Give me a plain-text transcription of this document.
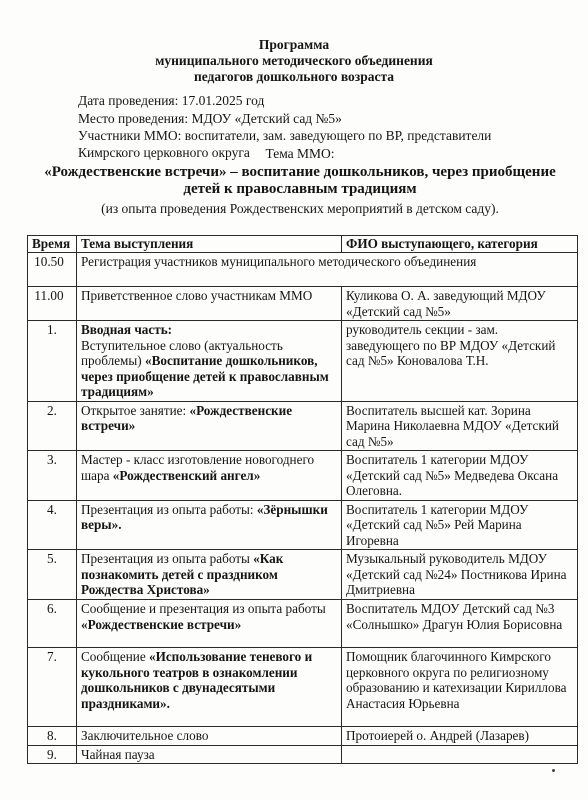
Программа
муниципального методического объединения
педагогов дошкольного возраста
Дата проведения: 17.01.2025 год
Место проведения: МДОУ «Детский сад №5»
Участники ММО: воспитатели, зам. заведующего по ВР, представители
Кимрского церковного округа	Тема ММО:
«Рождественские встречи» – воспитание дошкольников, через приобщение детей к православным традициям
(из опыта проведения Рождественских мероприятий в детском саду).
Время	Тема выступления	ФИО выступающего, категория
10.50	Регистрация участников муниципального методического объединения	
11.00	Приветственное слово участникам ММО	Куликова О. А. заведующий МДОУ «Детский сад №5»
1.	Вводная часть:
Вступительное слово (актуальность проблемы) «Воспитание дошкольников, через приобщение детей к православным традициям»	руководитель секции - зам. заведующего по ВР МДОУ «Детский сад №5» Коновалова Т.Н.
2.	Открытое занятие: «Рождественские встречи»	Воспитатель высшей кат. Зорина Марина Николаевна МДОУ «Детский сад №5»
3.	Мастер - класс изготовление новогоднего шара «Рождественский ангел»	Воспитатель 1 категории МДОУ «Детский сад №5» Медведева Оксана Олеговна.
4.	Презентация из опыта работы: «Зёрнышки веры».	Воспитатель 1 категории МДОУ «Детский сад №5» Рей Марина Игоревна
5.	Презентация из опыта работы «Как познакомить детей с праздником Рождества Христова»	Музыкальный руководитель МДОУ «Детский сад №24» Постникова Ирина Дмитриевна
6.	Сообщение и презентация из опыта работы «Рождественские встречи»	Воспитатель МДОУ Детский сад №3 «Солнышко» Драгун Юлия Борисовна
7.	Сообщение «Использование теневого и кукольного театров в ознакомлении дошкольников с двунадесятыми праздниками».	Помощник благочинного Кимрского церковного округа по религиозному образованию и катехизации Кириллова Анастасия Юрьевна
8.	Заключительное слово	Протоиерей о. Андрей (Лазарев)
9.	Чайная пауза	
